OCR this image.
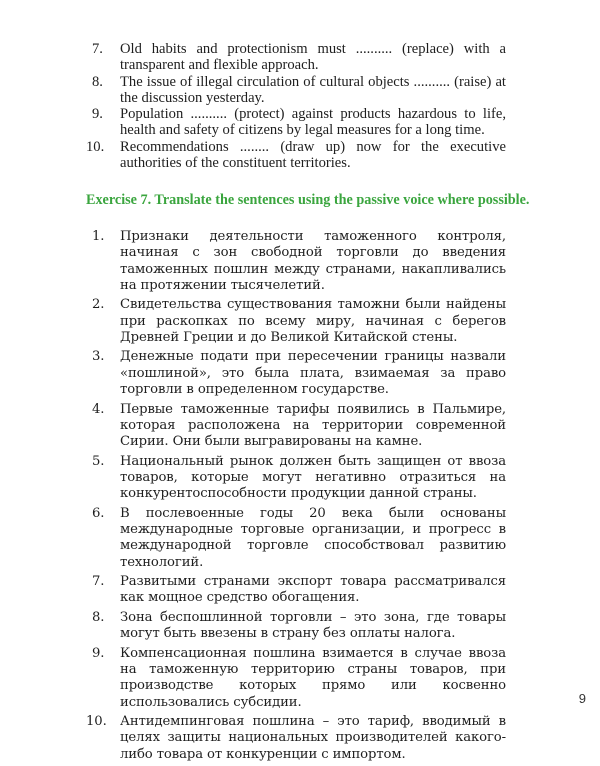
7. Old habits and protectionism must .......... (replace) with a transparent and flexible approach.
8. The issue of illegal circulation of cultural objects .......... (raise) at the discussion yesterday.
9. Population .......... (protect) against products hazardous to life, health and safety of citizens by legal measures for a long time.
10. Recommendations ........ (draw up) now for the executive authorities of the constituent territories.
Exercise 7. Translate the sentences using the passive voice where possible.
1. Признаки деятельности таможенного контроля, начиная с зон свободной торговли до введения таможенных пошлин между странами, накапливались на протяжении тысячелетий.
2. Свидетельства существования таможни были найдены при раскопках по всему миру, начиная с берегов Древней Греции и до Великой Китайской стены.
3. Денежные подати при пересечении границы назвали «пошлиной», это была плата, взимаемая за право торговли в определенном государстве.
4. Первые таможенные тарифы появились в Пальмире, которая расположена на территории современной Сирии. Они были выгравированы на камне.
5. Национальный рынок должен быть защищен от ввоза товаров, которые могут негативно отразиться на конкурентоспособности продукции данной страны.
6. В послевоенные годы 20 века были основаны международные торговые организации, и прогресс в международной торговле способствовал развитию технологий.
7. Развитыми странами экспорт товара рассматривался как мощное средство обогащения.
8. Зона беспошлинной торговли – это зона, где товары могут быть ввезены в страну без оплаты налога.
9. Компенсационная пошлина взимается в случае ввоза на таможенную территорию страны товаров, при производстве которых прямо или косвенно использовались субсидии.
10. Антидемпинговая пошлина – это тариф, вводимый в целях защиты национальных производителей какого-либо товара от конкуренции с импортом.
9
